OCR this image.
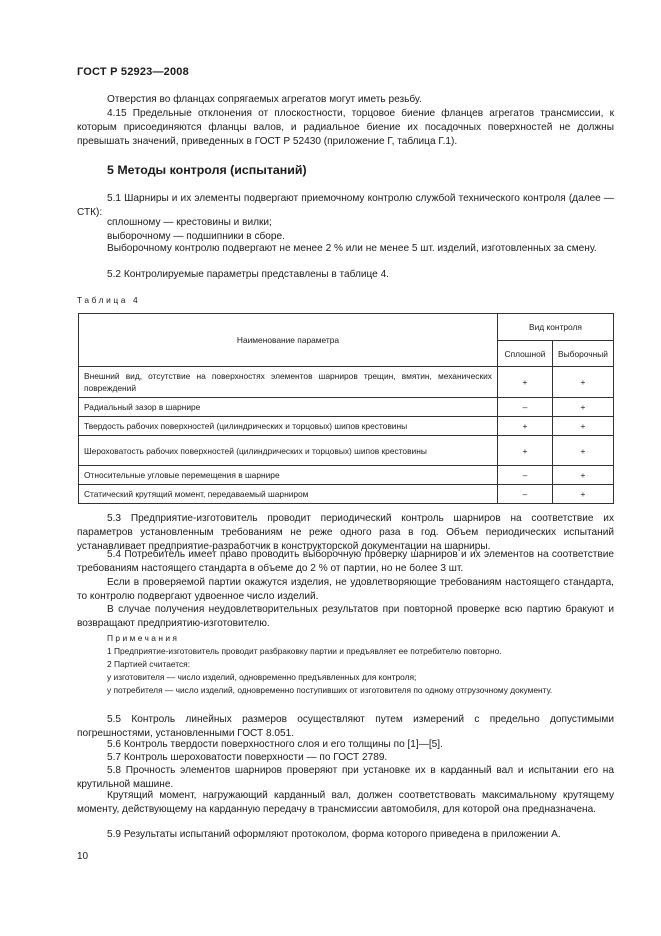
ГОСТ Р 52923—2008

Отверстия во фланцах сопрягаемых агрегатов могут иметь резьбу.

4.15 Предельные отклонения от плоскостности, торцовое биение фланцев агрегатов трансмиссии, к которым присоединяются фланцы валов, и радиальное биение их посадочных поверхностей не должны превышать значений, приведенных в ГОСТ Р 52430 (приложение Г, таблица Г.1).

5 Методы контроля (испытаний)

5.1 Шарниры и их элементы подвергают приемочному контролю службой технического контроля (далее — СТК):

сплошному — крестовины и вилки;

выборочному — подшипники в сборе.

Выборочному контролю подвергают не менее 2 % или не менее 5 шт. изделий, изготовленных за смену.

5.2 Контролируемые параметры представлены в таблице 4.

Таблица 4
Наименование параметра	Вид контроля	
	Сплошной	Выборочный
Внешний вид, отсутствие на поверхностях элементов шарниров трещин, вмятин, механических повреждений	+	+
Радиальный зазор в шарнире	–	+
Твердость рабочих поверхностей (цилиндрических и торцовых) шипов крестовины	+	+
Шероховатость рабочих поверхностей (цилиндрических и торцовых) шипов крестовины	+	+
Относительные угловые перемещения в шарнире	–	+
Статический крутящий момент, передаваемый шарниром	–	+

5.3 Предприятие-изготовитель проводит периодический контроль шарниров на соответствие их параметров установленным требованиям не реже одного раза в год. Объем периодических испытаний устанавливает предприятие-разработчик в конструкторской документации на шарниры.

5.4 Потребитель имеет право проводить выборочную проверку шарниров и их элементов на соответствие требованиям настоящего стандарта в объеме до 2 % от партии, но не более 3 шт.

Если в проверяемой партии окажутся изделия, не удовлетворяющие требованиям настоящего стандарта, то контролю подвергают удвоенное число изделий.

В случае получения неудовлетворительных результатов при повторной проверке всю партию бракуют и возвращают предприятию-изготовителю.

Примечания

1 Предприятие-изготовитель проводит разбраковку партии и предъявляет ее потребителю повторно.

2 Партией считается:

у изготовителя — число изделий, одновременно предъявленных для контроля;

у потребителя — число изделий, одновременно поступивших от изготовителя по одному отгрузочному документу.

5.5 Контроль линейных размеров осуществляют путем измерений с предельно допустимыми погрешностями, установленными ГОСТ 8.051.

5.6 Контроль твердости поверхностного слоя и его толщины по [1]—[5].

5.7 Контроль шероховатости поверхности — по ГОСТ 2789.

5.8 Прочность элементов шарниров проверяют при установке их в карданный вал и испытании его на крутильной машине.

Крутящий момент, нагружающий карданный вал, должен соответствовать максимальному крутящему моменту, действующему на карданную передачу в трансмиссии автомобиля, для которой она предназначена.

5.9 Результаты испытаний оформляют протоколом, форма которого приведена в приложении А.

10
